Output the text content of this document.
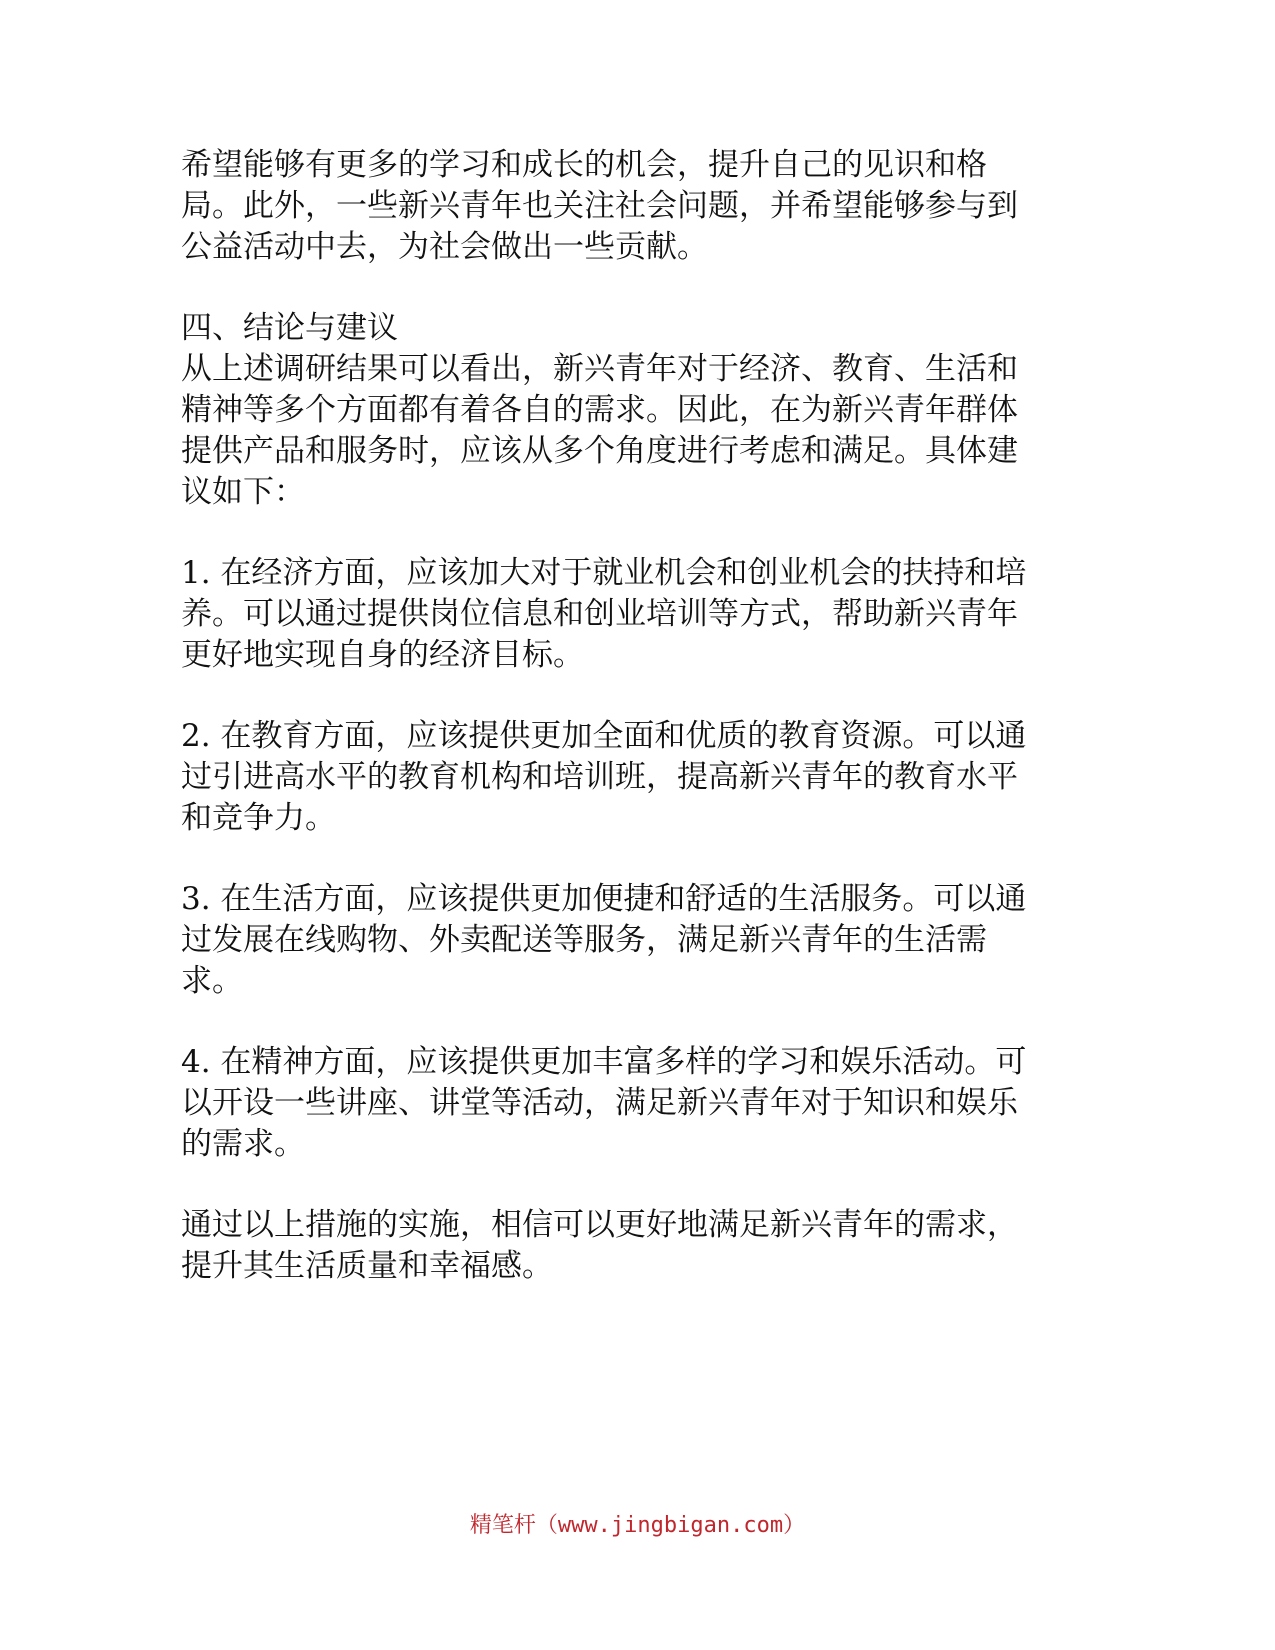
希望能够有更多的学习和成长的机会，提升自己的见识和格
局。此外，一些新兴青年也关注社会问题，并希望能够参与到
公益活动中去，为社会做出一些贡献。

四、结论与建议

从上述调研结果可以看出，新兴青年对于经济、教育、生活和
精神等多个方面都有着各自的需求。因此，在为新兴青年群体
提供产品和服务时，应该从多个角度进行考虑和满足。具体建
议如下：

1. 在经济方面，应该加大对于就业机会和创业机会的扶持和培
养。可以通过提供岗位信息和创业培训等方式，帮助新兴青年
更好地实现自身的经济目标。

2. 在教育方面，应该提供更加全面和优质的教育资源。可以通
过引进高水平的教育机构和培训班，提高新兴青年的教育水平
和竞争力。

3. 在生活方面，应该提供更加便捷和舒适的生活服务。可以通
过发展在线购物、外卖配送等服务，满足新兴青年的生活需
求。

4. 在精神方面，应该提供更加丰富多样的学习和娱乐活动。可
以开设一些讲座、讲堂等活动，满足新兴青年对于知识和娱乐
的需求。

通过以上措施的实施，相信可以更好地满足新兴青年的需求，
提升其生活质量和幸福感。

精笔杆（www.jingbigan.com）
